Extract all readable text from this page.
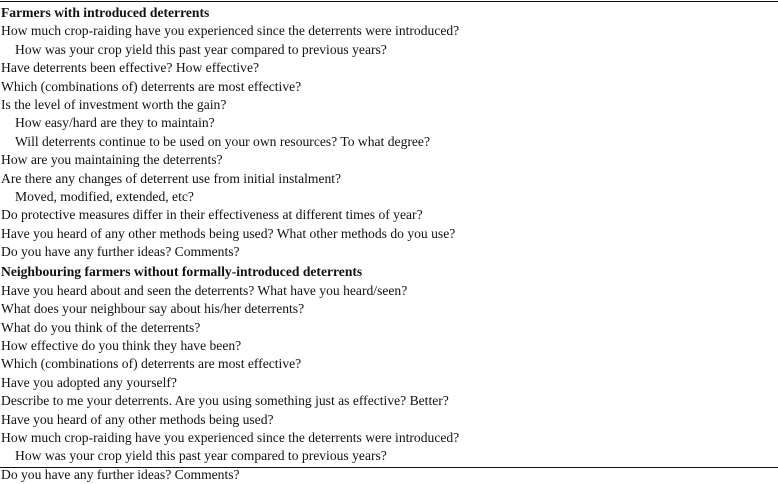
Farmers with introduced deterrents
How much crop-raiding have you experienced since the deterrents were introduced?
How was your crop yield this past year compared to previous years?
Have deterrents been effective? How effective?
Which (combinations of) deterrents are most effective?
Is the level of investment worth the gain?
How easy/hard are they to maintain?
Will deterrents continue to be used on your own resources? To what degree?
How are you maintaining the deterrents?
Are there any changes of deterrent use from initial instalment?
Moved, modified, extended, etc?
Do protective measures differ in their effectiveness at different times of year?
Have you heard of any other methods being used? What other methods do you use?
Do you have any further ideas? Comments?
Neighbouring farmers without formally-introduced deterrents
Have you heard about and seen the deterrents? What have you heard/seen?
What does your neighbour say about his/her deterrents?
What do you think of the deterrents?
How effective do you think they have been?
Which (combinations of) deterrents are most effective?
Have you adopted any yourself?
Describe to me your deterrents. Are you using something just as effective? Better?
Have you heard of any other methods being used?
How much crop-raiding have you experienced since the deterrents were introduced?
How was your crop yield this past year compared to previous years?
Do you have any further ideas? Comments?
